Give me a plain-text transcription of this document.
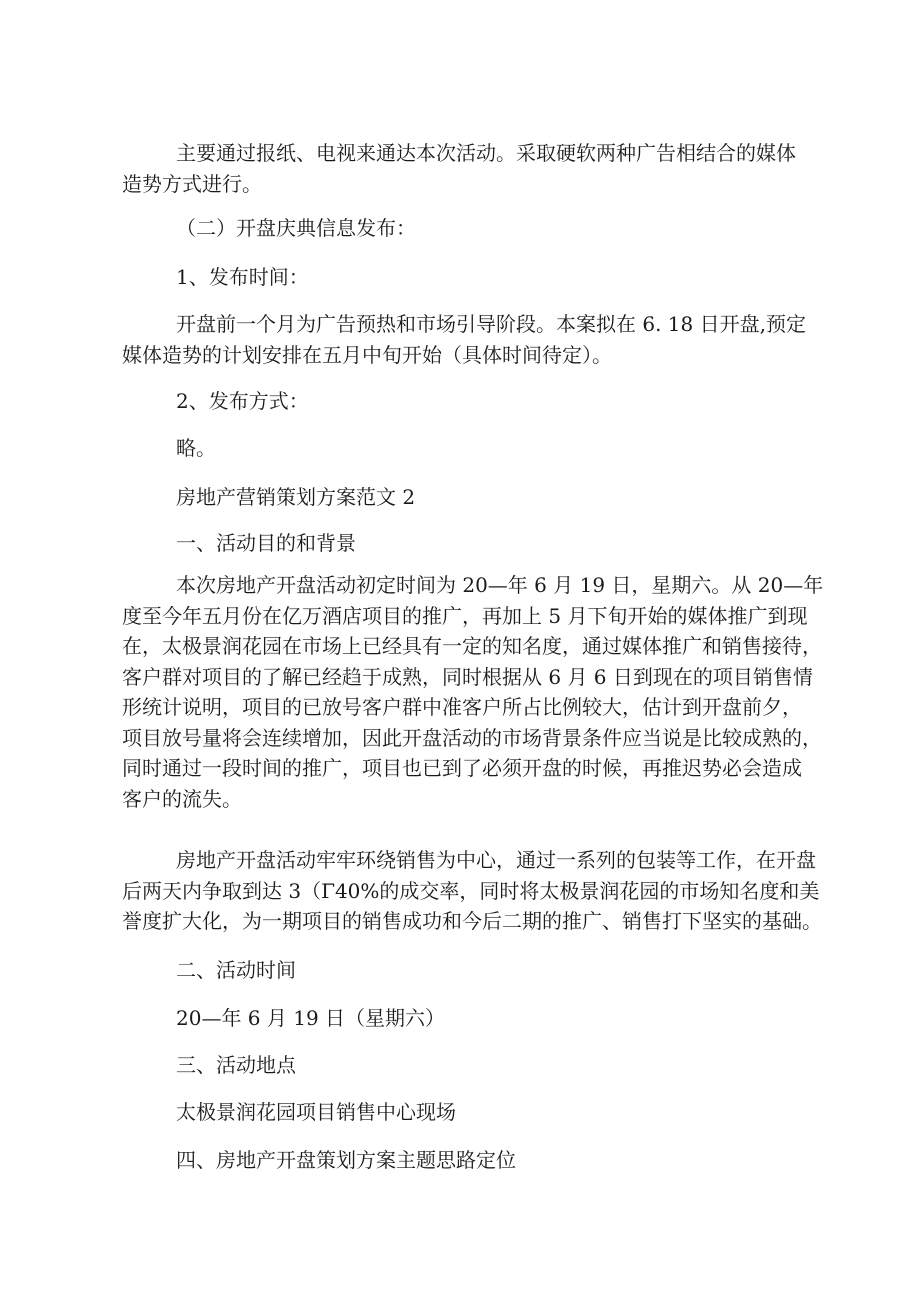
主要通过报纸、电视来通达本次活动。采取硬软两种广告相结合的媒体
造势方式进行。
（二）开盘庆典信息发布：
1、发布时间：
开盘前一个月为广告预热和市场引导阶段。本案拟在 6. 18 日开盘,预定
媒体造势的计划安排在五月中旬开始（具体时间待定）。
2、发布方式：
略。
房地产营销策划方案范文 2
一、活动目的和背景
本次房地产开盘活动初定时间为 20—年 6 月 19 日，星期六。从 20—年
度至今年五月份在亿万酒店项目的推广，再加上 5 月下旬开始的媒体推广到现
在，太极景润花园在市场上已经具有一定的知名度，通过媒体推广和销售接待，
客户群对项目的了解已经趋于成熟，同时根据从 6 月 6 日到现在的项目销售情
形统计说明，项目的已放号客户群中准客户所占比例较大，估计到开盘前夕，
项目放号量将会连续增加，因此开盘活动的市场背景条件应当说是比较成熟的，
同时通过一段时间的推广，项目也已到了必须开盘的时候，再推迟势必会造成
客户的流失。
房地产开盘活动牢牢环绕销售为中心，通过一系列的包装等工作，在开盘
后两天内争取到达 3（Γ40%的成交率，同时将太极景润花园的市场知名度和美
誉度扩大化，为一期项目的销售成功和今后二期的推广、销售打下坚实的基础。
二、活动时间
20—年 6 月 19 日（星期六）
三、活动地点
太极景润花园项目销售中心现场
四、房地产开盘策划方案主题思路定位
